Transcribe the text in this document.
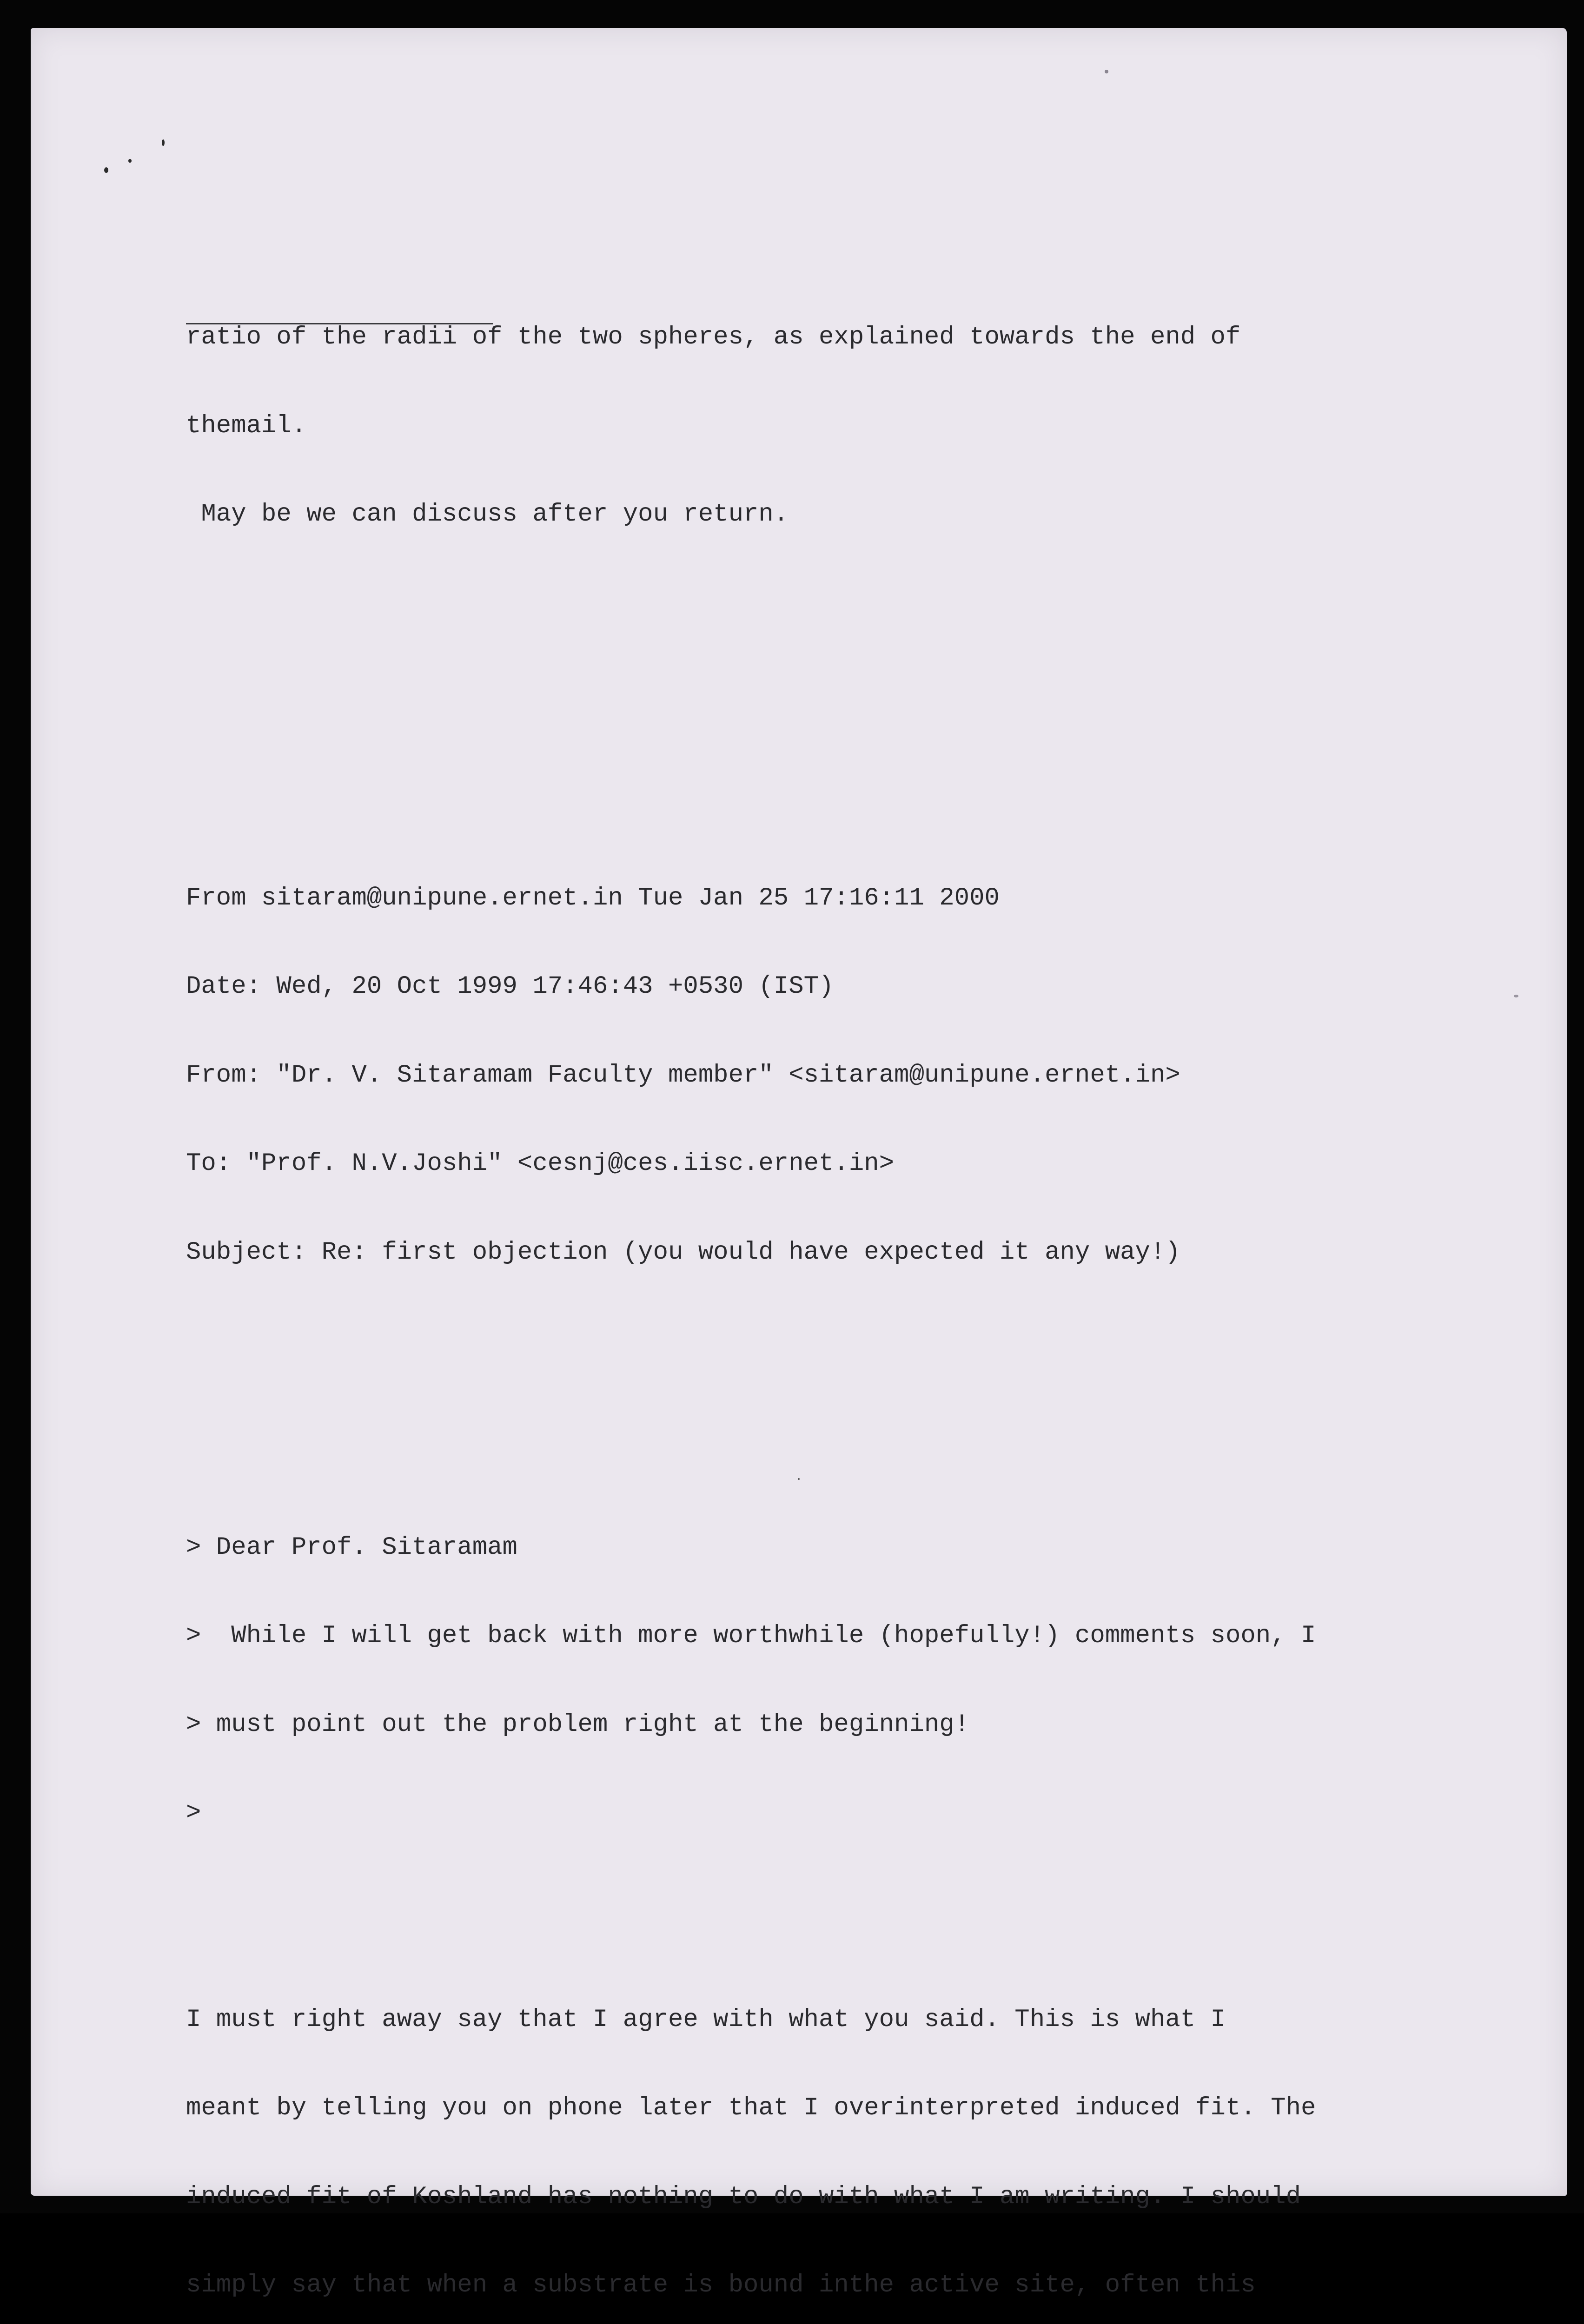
ratio of the radii of the two spheres, as explained towards the end of

themail.

May be we can discuss after you return.

From sitaram@unipune.ernet.in Tue Jan 25 17:16:11 2000

Date: Wed, 20 Oct 1999 17:46:43 +0530 (IST)

From: "Dr. V. Sitaramam Faculty member" <sitaram@unipune.ernet.in>

To: "Prof. N.V.Joshi" <cesnj@ces.iisc.ernet.in>

Subject: Re: first objection (you would have expected it any way!)

> Dear Prof. Sitaramam

>  While I will get back with more worthwhile (hopefully!) comments soon, I

> must point out the problem right at the beginning!

>

I must right away say that I agree with what you said. This is what I

meant by telling you on phone later that I overinterpreted induced fit. The

induced fit of Koshland has nothing to do with what I am writing. I should

simply say that when a substrate is bound inthe active site, often this
